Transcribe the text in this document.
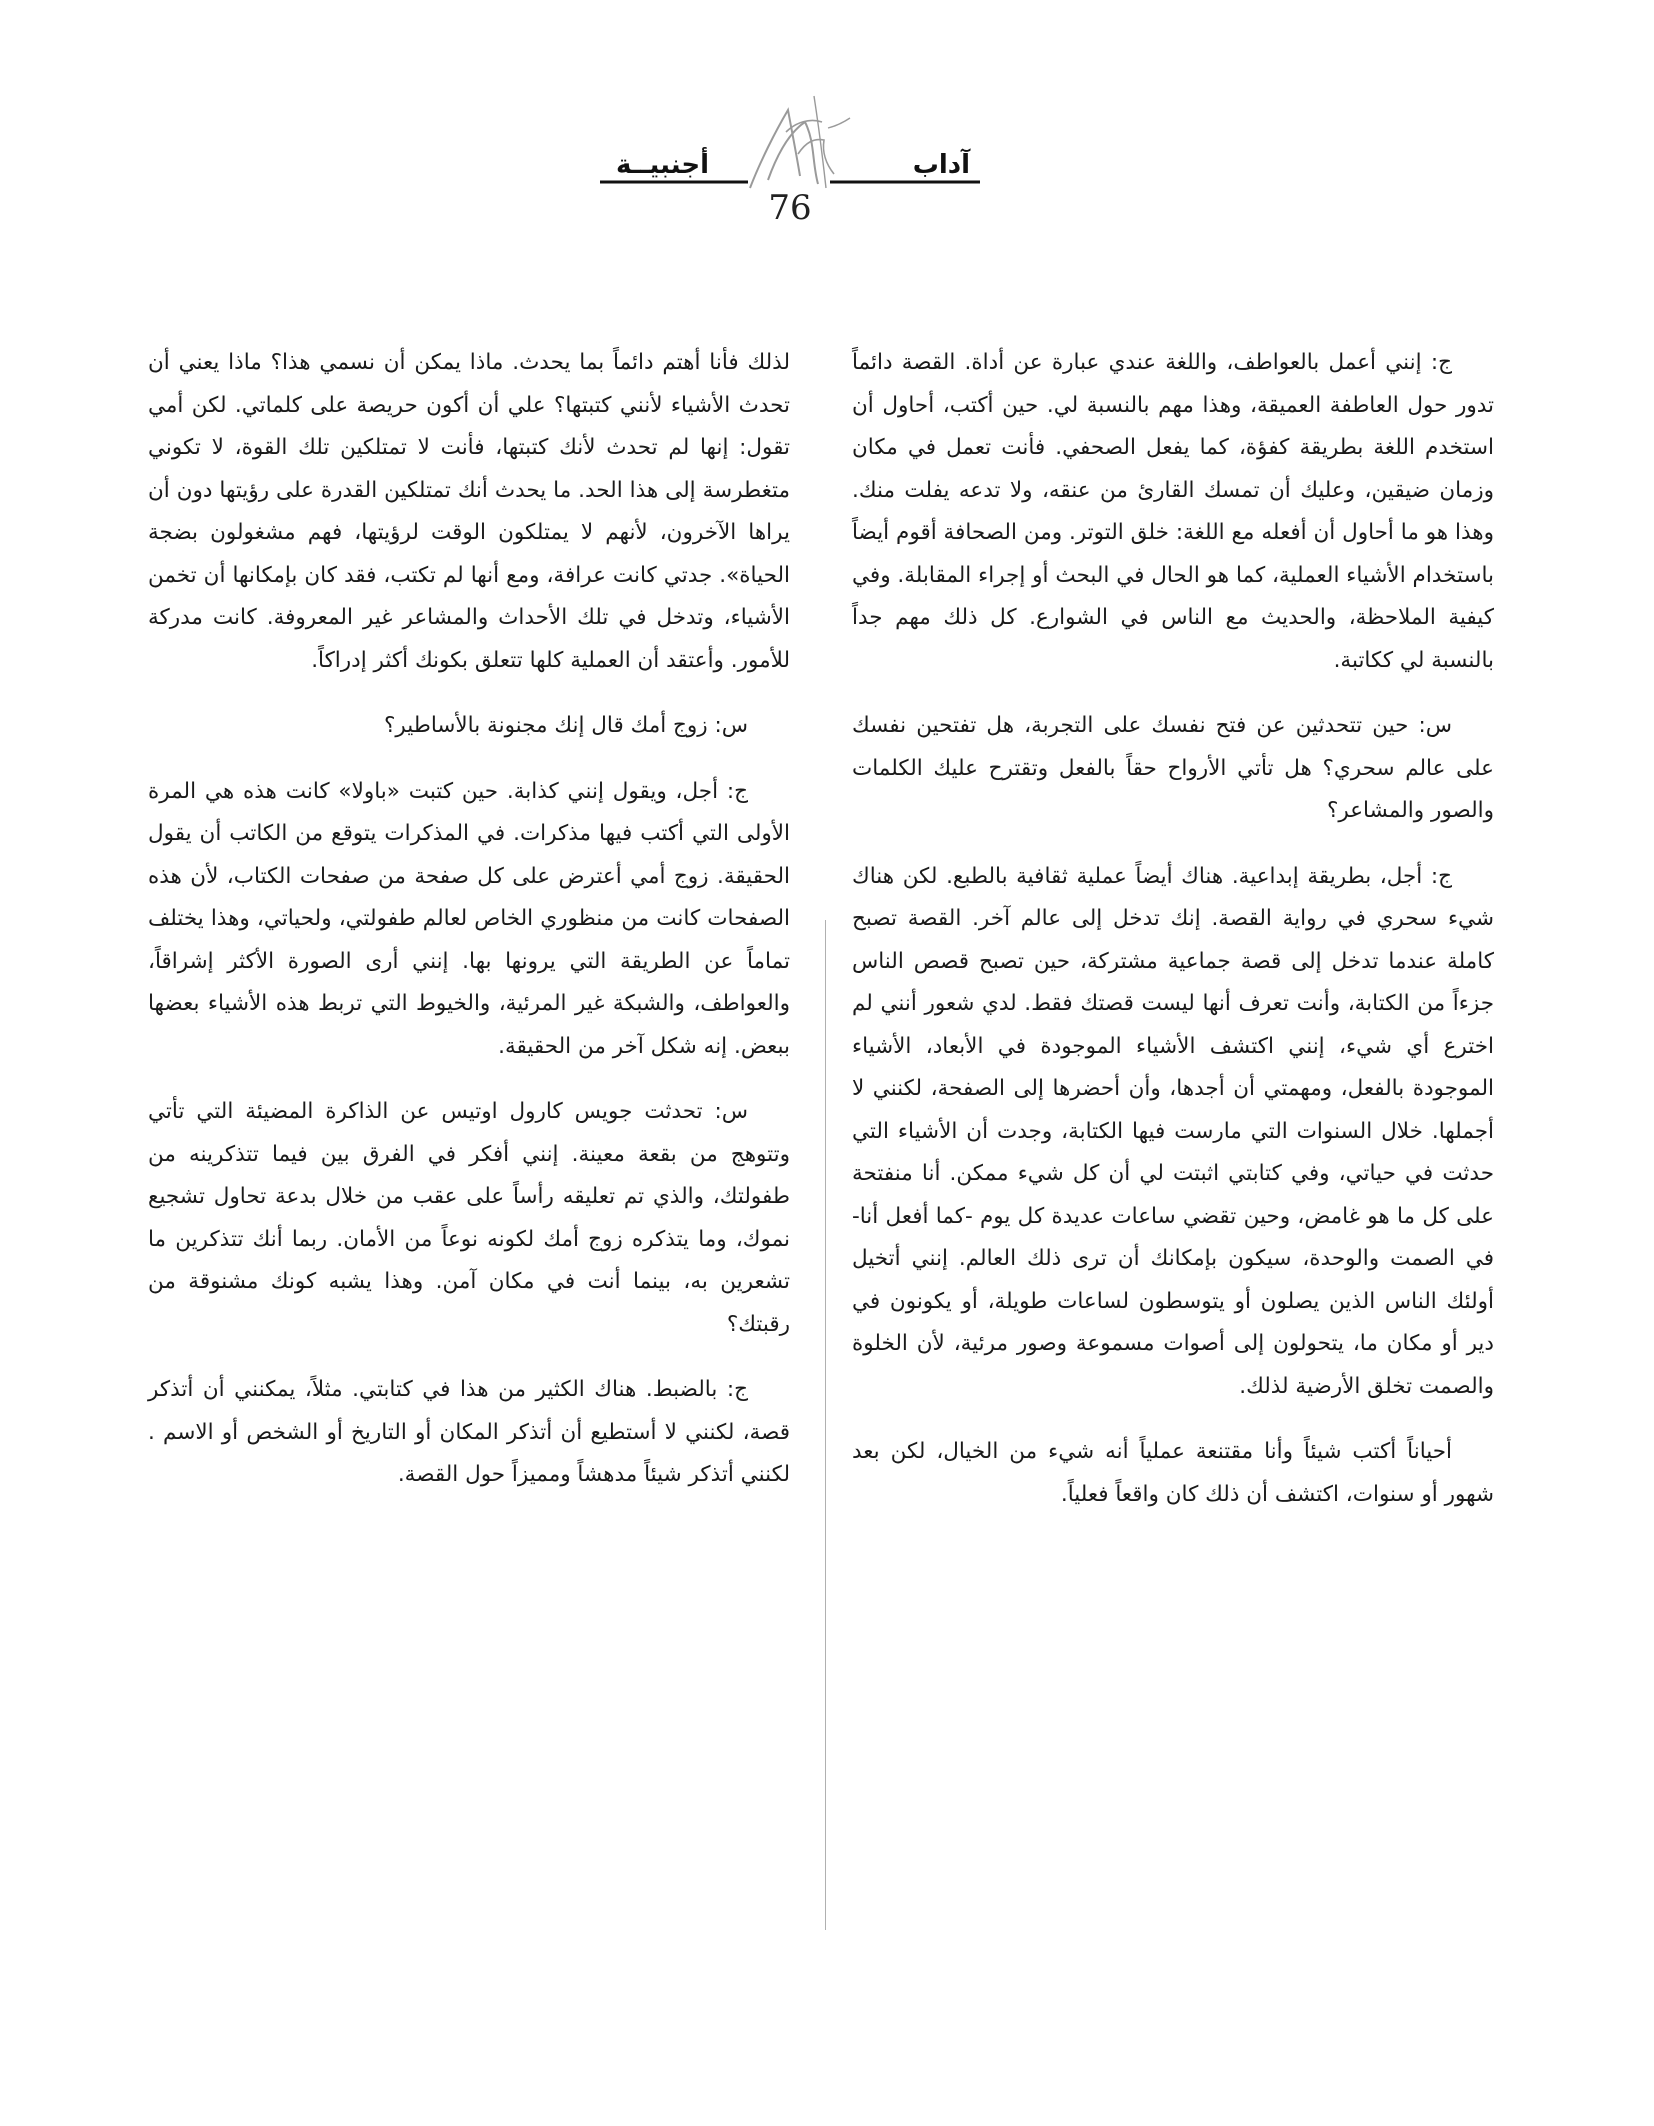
آداب
أجنبيــة
76

ج: إنني أعمل بالعواطف، واللغة عندي عبارة عن أداة. القصة دائماً تدور حول العاطفة العميقة، وهذا مهم بالنسبة لي. حين أكتب، أحاول أن استخدم اللغة بطريقة كفؤة، كما يفعل الصحفي. فأنت تعمل في مكان وزمان ضيقين، وعليك أن تمسك القارئ من عنقه، ولا تدعه يفلت منك. وهذا هو ما أحاول أن أفعله مع اللغة: خلق التوتر. ومن الصحافة أقوم أيضاً باستخدام الأشياء العملية، كما هو الحال في البحث أو إجراء المقابلة. وفي كيفية الملاحظة، والحديث مع الناس في الشوارع. كل ذلك مهم جداً بالنسبة لي ككاتبة.

س: حين تتحدثين عن فتح نفسك على التجربة، هل تفتحين نفسك على عالم سحري؟ هل تأتي الأرواح حقاً بالفعل وتقترح عليك الكلمات والصور والمشاعر؟

ج: أجل، بطريقة إبداعية. هناك أيضاً عملية ثقافية بالطبع. لكن هناك شيء سحري في رواية القصة. إنك تدخل إلى عالم آخر. القصة تصبح كاملة عندما تدخل إلى قصة جماعية مشتركة، حين تصبح قصص الناس جزءاً من الكتابة، وأنت تعرف أنها ليست قصتك فقط. لدي شعور أنني لم اخترع أي شيء، إنني اكتشف الأشياء الموجودة في الأبعاد، الأشياء الموجودة بالفعل، ومهمتي أن أجدها، وأن أحضرها إلى الصفحة، لكنني لا أجملها. خلال السنوات التي مارست فيها الكتابة، وجدت أن الأشياء التي حدثت في حياتي، وفي كتابتي اثبتت لي أن كل شيء ممكن. أنا منفتحة على كل ما هو غامض، وحين تقضي ساعات عديدة كل يوم -كما أفعل أنا- في الصمت والوحدة، سيكون بإمكانك أن ترى ذلك العالم. إنني أتخيل أولئك الناس الذين يصلون أو يتوسطون لساعات طويلة، أو يكونون في دير أو مكان ما، يتحولون إلى أصوات مسموعة وصور مرئية، لأن الخلوة والصمت تخلق الأرضية لذلك.

أحياناً أكتب شيئاً وأنا مقتنعة عملياً أنه شيء من الخيال، لكن بعد شهور أو سنوات، اكتشف أن ذلك كان واقعاً فعلياً.

لذلك فأنا أهتم دائماً بما يحدث. ماذا يمكن أن نسمي هذا؟ ماذا يعني أن تحدث الأشياء لأنني كتبتها؟ علي أن أكون حريصة على كلماتي. لكن أمي تقول: إنها لم تحدث لأنك كتبتها، فأنت لا تمتلكين تلك القوة، لا تكوني متغطرسة إلى هذا الحد. ما يحدث أنك تمتلكين القدرة على رؤيتها دون أن يراها الآخرون، لأنهم لا يمتلكون الوقت لرؤيتها، فهم مشغولون بضجة الحياة». جدتي كانت عرافة، ومع أنها لم تكتب، فقد كان بإمكانها أن تخمن الأشياء، وتدخل في تلك الأحداث والمشاعر غير المعروفة. كانت مدركة للأمور. وأعتقد أن العملية كلها تتعلق بكونك أكثر إدراكاً.

س: زوج أمك قال إنك مجنونة بالأساطير؟

ج: أجل، ويقول إنني كذابة. حين كتبت «باولا» كانت هذه هي المرة الأولى التي أكتب فيها مذكرات. في المذكرات يتوقع من الكاتب أن يقول الحقيقة. زوج أمي أعترض على كل صفحة من صفحات الكتاب، لأن هذه الصفحات كانت من منظوري الخاص لعالم طفولتي، ولحياتي، وهذا يختلف تماماً عن الطريقة التي يرونها بها. إنني أرى الصورة الأكثر إشراقاً، والعواطف، والشبكة غير المرئية، والخيوط التي تربط هذه الأشياء بعضها ببعض. إنه شكل آخر من الحقيقة.

س: تحدثت جويس كارول اوتيس عن الذاكرة المضيئة التي تأتي وتتوهج من بقعة معينة. إنني أفكر في الفرق بين فيما تتذكرينه من طفولتك، والذي تم تعليقه رأساً على عقب من خلال بدعة تحاول تشجيع نموك، وما يتذكره زوج أمك لكونه نوعاً من الأمان. ربما أنك تتذكرين ما تشعرين به، بينما أنت في مكان آمن. وهذا يشبه كونك مشنوقة من رقبتك؟

ج: بالضبط. هناك الكثير من هذا في كتابتي. مثلاً، يمكنني أن أتذكر قصة، لكنني لا أستطيع أن أتذكر المكان أو التاريخ أو الشخص أو الاسم . لكنني أتذكر شيئاً مدهشاً ومميزاً حول القصة.
